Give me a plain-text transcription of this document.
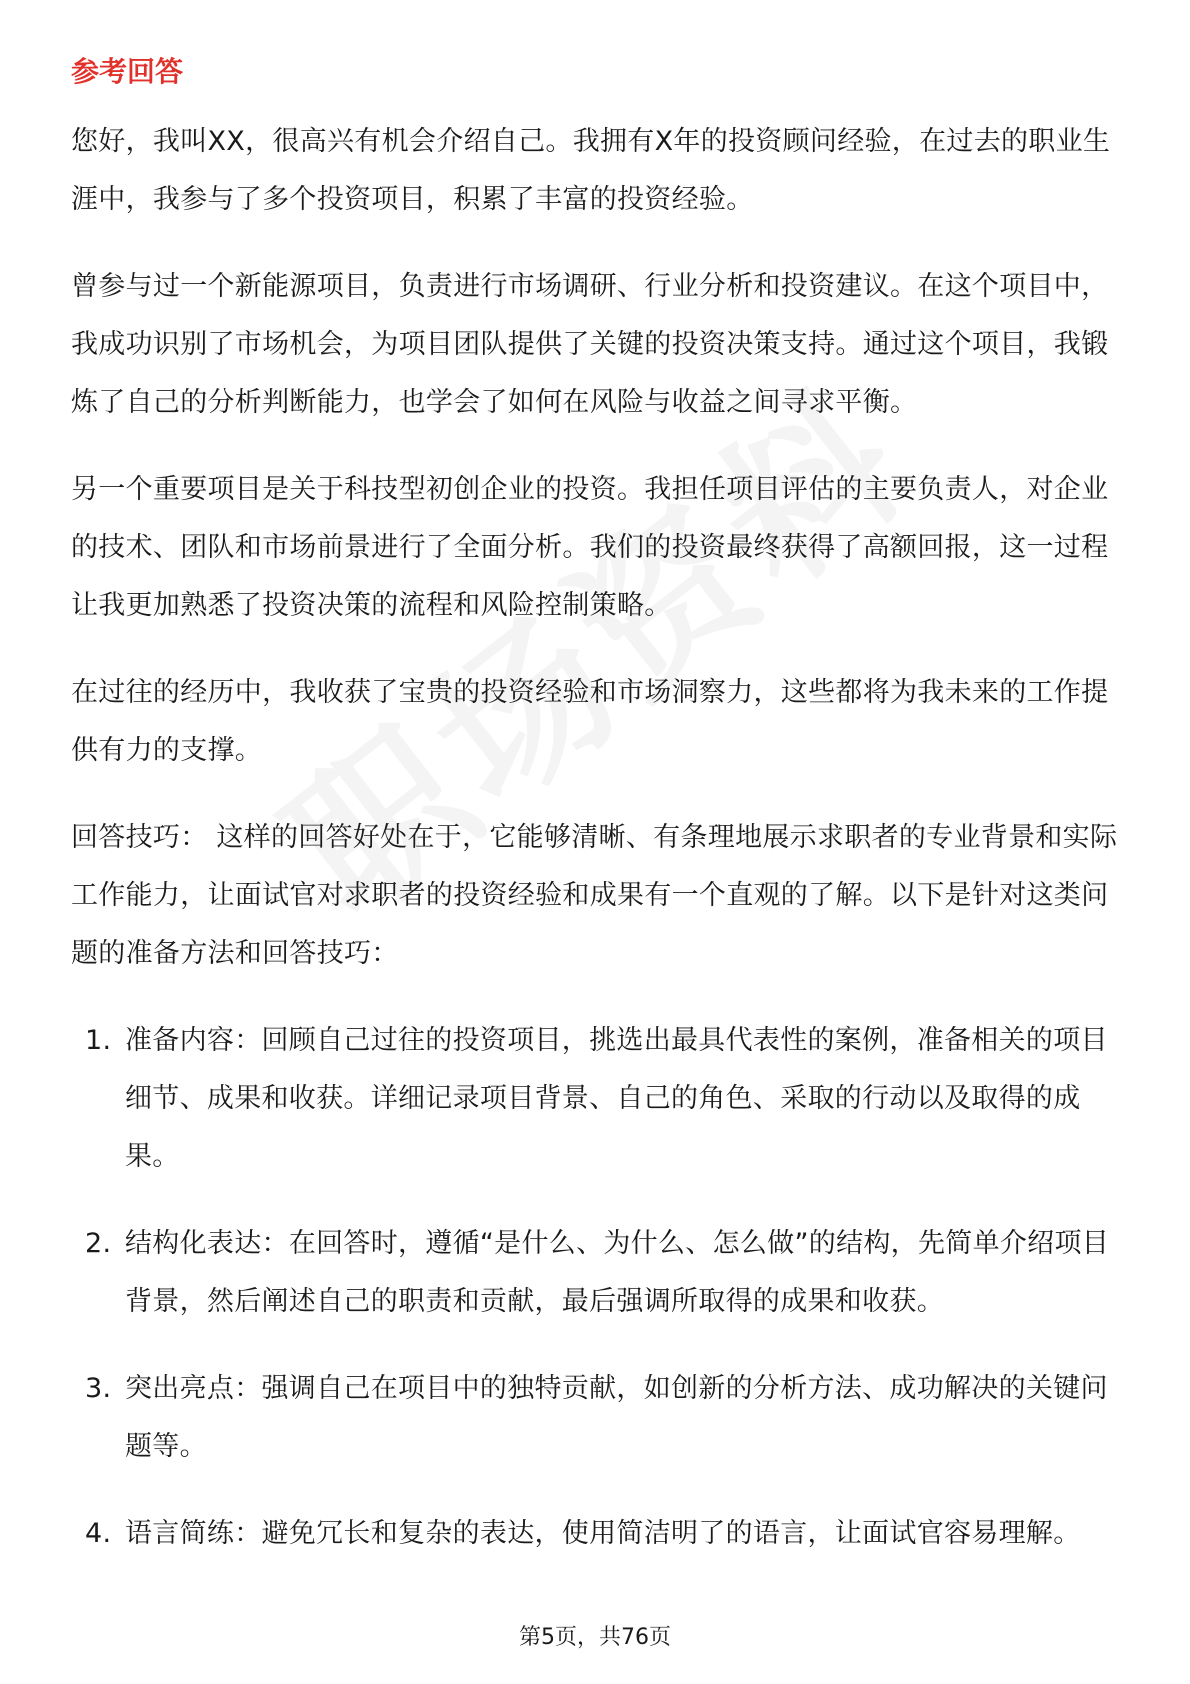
参考回答

您好，我叫XX，很高兴有机会介绍自己。我拥有X年的投资顾问经验，在过去的职业生涯中，我参与了多个投资项目，积累了丰富的投资经验。

曾参与过一个新能源项目，负责进行市场调研、行业分析和投资建议。在这个项目中，我成功识别了市场机会，为项目团队提供了关键的投资决策支持。通过这个项目，我锻炼了自己的分析判断能力，也学会了如何在风险与收益之间寻求平衡。

另一个重要项目是关于科技型初创企业的投资。我担任项目评估的主要负责人，对企业的技术、团队和市场前景进行了全面分析。我们的投资最终获得了高额回报，这一过程让我更加熟悉了投资决策的流程和风险控制策略。

在过往的经历中，我收获了宝贵的投资经验和市场洞察力，这些都将为我未来的工作提供有力的支撑。

回答技巧： 这样的回答好处在于，它能够清晰、有条理地展示求职者的专业背景和实际工作能力，让面试官对求职者的投资经验和成果有一个直观的了解。以下是针对这类问题的准备方法和回答技巧：

1. 准备内容：回顾自己过往的投资项目，挑选出最具代表性的案例，准备相关的项目细节、成果和收获。详细记录项目背景、自己的角色、采取的行动以及取得的成果。
2. 结构化表达：在回答时，遵循“是什么、为什么、怎么做”的结构，先简单介绍项目背景，然后阐述自己的职责和贡献，最后强调所取得的成果和收获。
3. 突出亮点：强调自己在项目中的独特贡献，如创新的分析方法、成功解决的关键问题等。
4. 语言简练：避免冗长和复杂的表达，使用简洁明了的语言，让面试官容易理解。
第5页，共76页
